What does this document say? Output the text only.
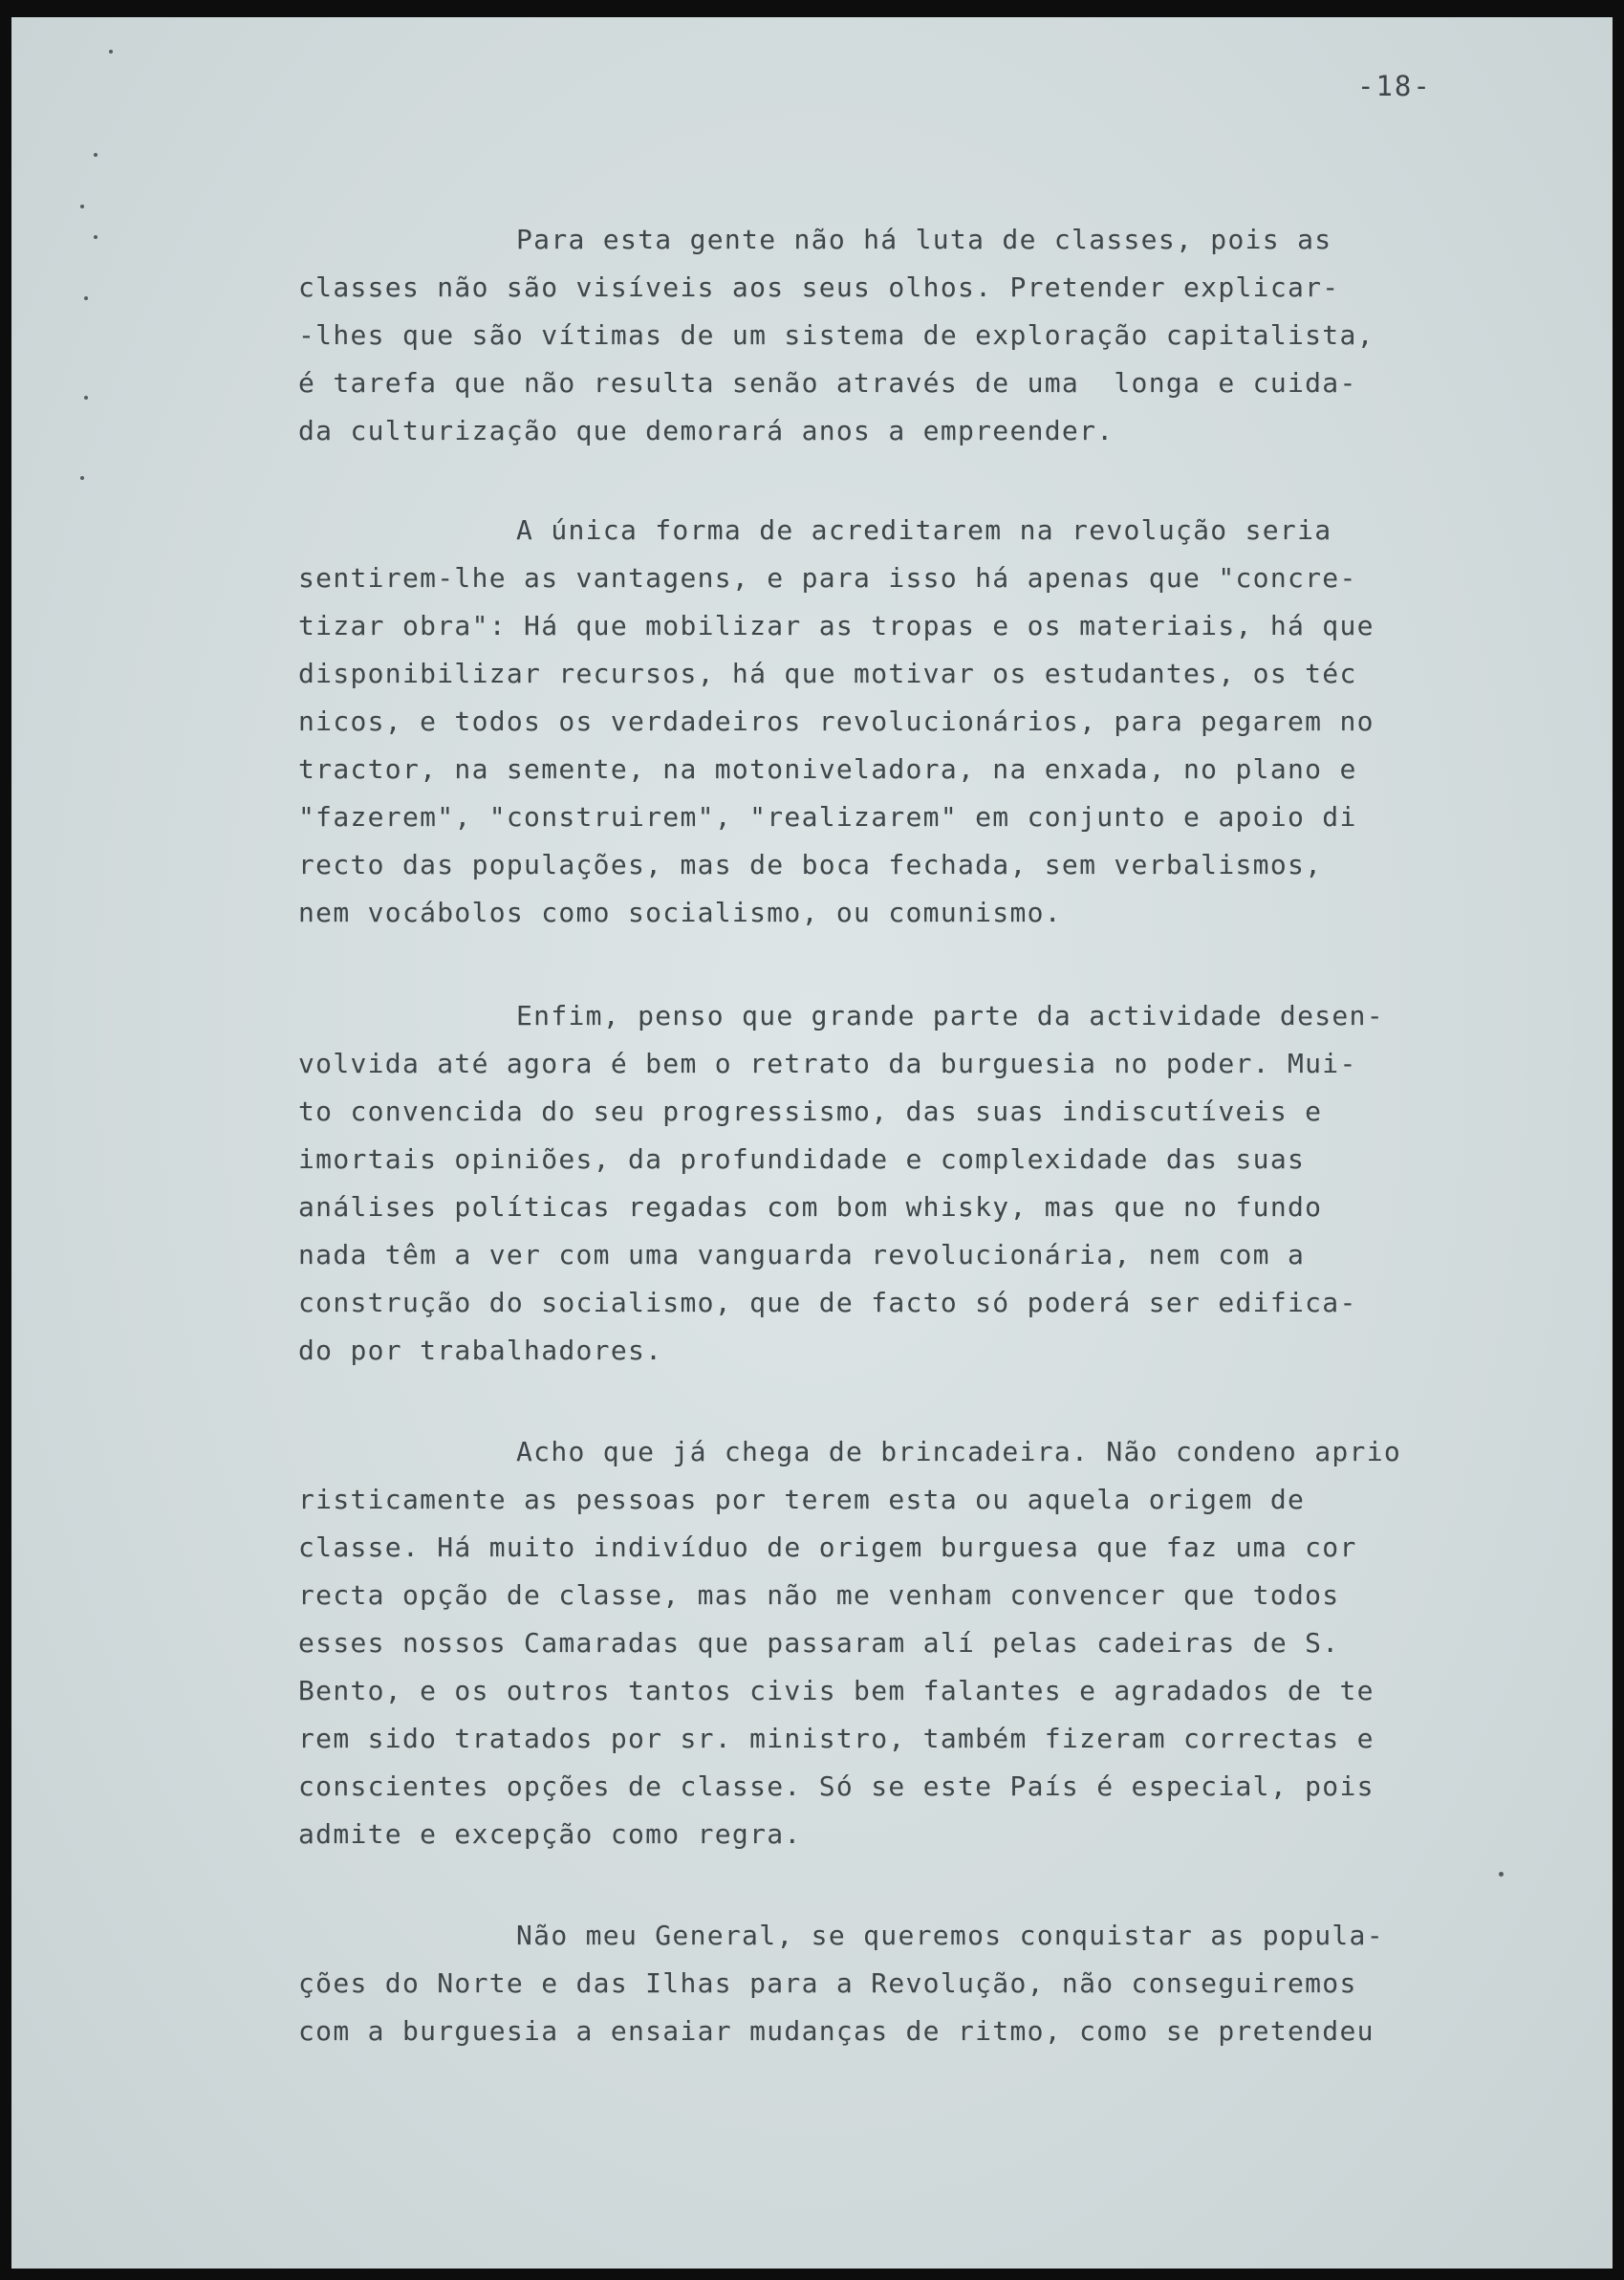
-18-
Para esta gente não há luta de classes, pois as
classes não são visíveis aos seus olhos. Pretender explicar-
-lhes que são vítimas de um sistema de exploração capitalista,
é tarefa que não resulta senão através de uma  longa e cuida-
da culturização que demorará anos a empreender.
A única forma de acreditarem na revolução seria
sentirem-lhe as vantagens, e para isso há apenas que "concre-
tizar obra": Há que mobilizar as tropas e os materiais, há que
disponibilizar recursos, há que motivar os estudantes, os téc
nicos, e todos os verdadeiros revolucionários, para pegarem no
tractor, na semente, na motoniveladora, na enxada, no plano e
"fazerem", "construirem", "realizarem" em conjunto e apoio di
recto das populações, mas de boca fechada, sem verbalismos,
nem vocábolos como socialismo, ou comunismo.
Enfim, penso que grande parte da actividade desen-
volvida até agora é bem o retrato da burguesia no poder. Mui-
to convencida do seu progressismo, das suas indiscutíveis e
imortais opiniões, da profundidade e complexidade das suas
análises políticas regadas com bom whisky, mas que no fundo
nada têm a ver com uma vanguarda revolucionária, nem com a
construção do socialismo, que de facto só poderá ser edifica-
do por trabalhadores.
Acho que já chega de brincadeira. Não condeno aprio
risticamente as pessoas por terem esta ou aquela origem de
classe. Há muito indivíduo de origem burguesa que faz uma cor
recta opção de classe, mas não me venham convencer que todos
esses nossos Camaradas que passaram alí pelas cadeiras de S.
Bento, e os outros tantos civis bem falantes e agradados de te
rem sido tratados por sr. ministro, também fizeram correctas e
conscientes opções de classe. Só se este País é especial, pois
admite e excepção como regra.
Não meu General, se queremos conquistar as popula-
ções do Norte e das Ilhas para a Revolução, não conseguiremos
com a burguesia a ensaiar mudanças de ritmo, como se pretendeu
